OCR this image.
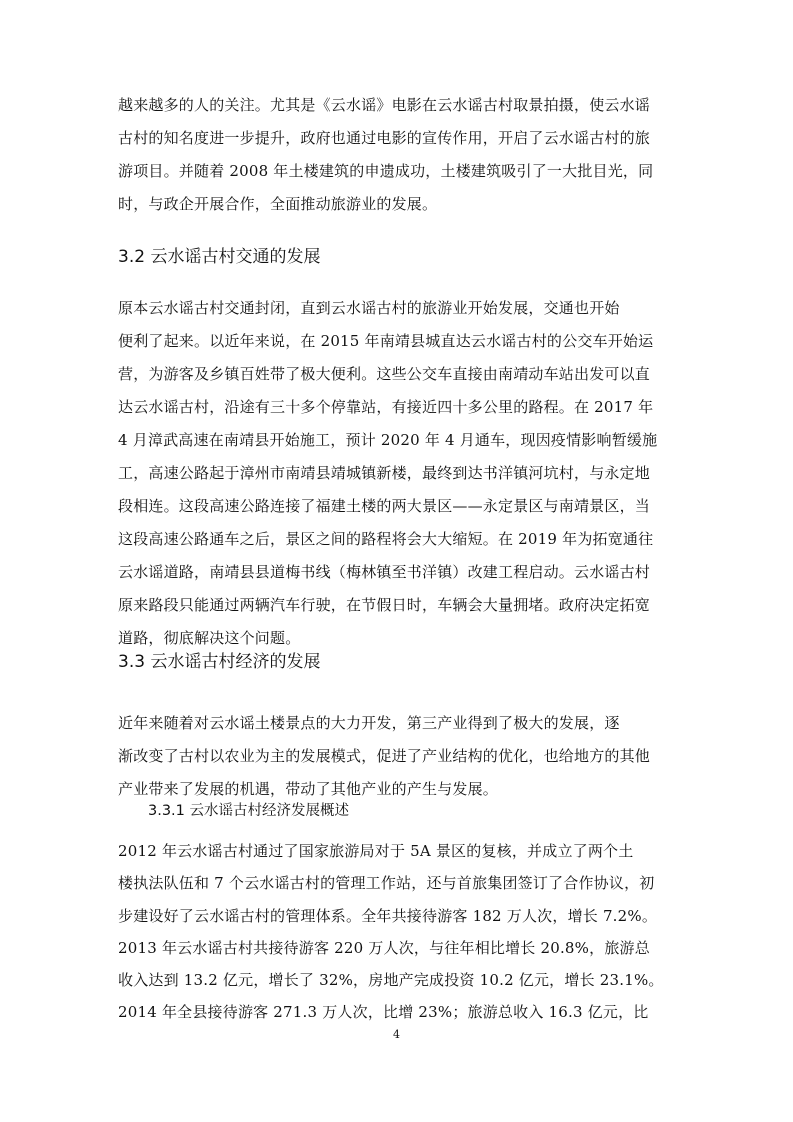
越来越多的人的关注。尤其是《云水谣》电影在云水谣古村取景拍摄，使云水谣
古村的知名度进一步提升，政府也通过电影的宣传作用，开启了云水谣古村的旅
游项目。并随着 2008 年土楼建筑的申遗成功，土楼建筑吸引了一大批目光，同
时，与政企开展合作，全面推动旅游业的发展。
3.2 云水谣古村交通的发展
原本云水谣古村交通封闭，直到云水谣古村的旅游业开始发展，交通也开始
便利了起来。以近年来说，在 2015 年南靖县城直达云水谣古村的公交车开始运
营，为游客及乡镇百姓带了极大便利。这些公交车直接由南靖动车站出发可以直
达云水谣古村，沿途有三十多个停靠站，有接近四十多公里的路程。在 2017 年
4 月漳武高速在南靖县开始施工，预计 2020 年 4 月通车，现因疫情影响暂缓施
工，高速公路起于漳州市南靖县靖城镇新楼，最终到达书洋镇河坑村，与永定地
段相连。这段高速公路连接了福建土楼的两大景区——永定景区与南靖景区，当
这段高速公路通车之后，景区之间的路程将会大大缩短。在 2019 年为拓宽通往
云水谣道路，南靖县县道梅书线（梅林镇至书洋镇）改建工程启动。云水谣古村
原来路段只能通过两辆汽车行驶，在节假日时，车辆会大量拥堵。政府决定拓宽
道路，彻底解决这个问题。
3.3 云水谣古村经济的发展
近年来随着对云水谣土楼景点的大力开发，第三产业得到了极大的发展，逐
渐改变了古村以农业为主的发展模式，促进了产业结构的优化，也给地方的其他
产业带来了发展的机遇，带动了其他产业的产生与发展。
3.3.1 云水谣古村经济发展概述
2012 年云水谣古村通过了国家旅游局对于 5A 景区的复核，并成立了两个土
楼执法队伍和 7 个云水谣古村的管理工作站，还与首旅集团签订了合作协议，初
步建设好了云水谣古村的管理体系。全年共接待游客 182 万人次，增长 7.2%。
2013 年云水谣古村共接待游客 220 万人次，与往年相比增长 20.8%，旅游总
收入达到 13.2 亿元，增长了 32%，房地产完成投资 10.2 亿元，增长 23.1%。
2014 年全县接待游客 271.3 万人次，比增 23%；旅游总收入 16.3 亿元，比
4
